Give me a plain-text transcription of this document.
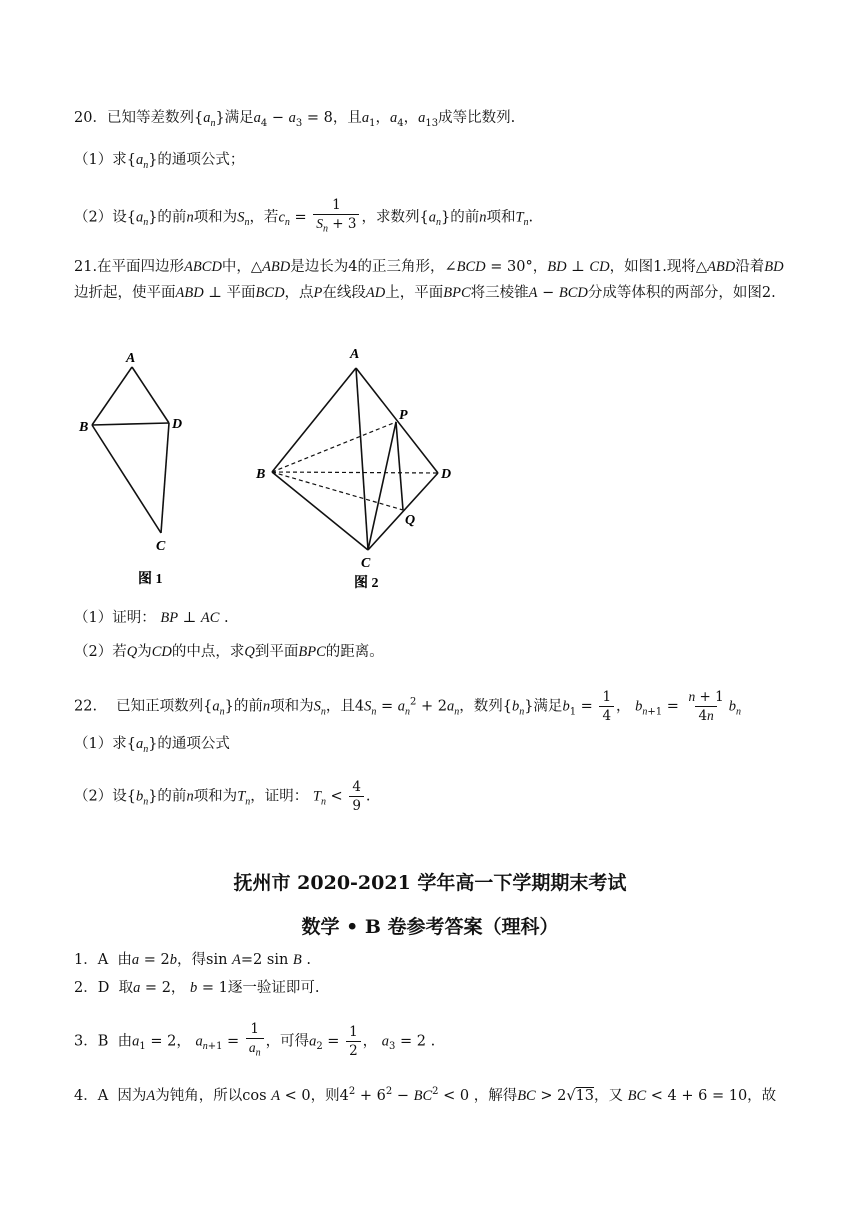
20．已知等差数列$\{a_n\}$满足$a_4 - a_3 = 8$，且$a_1$，$a_4$，$a_{13}$成等比数列.
（1）求$\{a_n\}$的通项公式；
（2）设$\{a_n\}$的前n项和为$S_n$，若$c_n = \frac{1}{S_n + 3}$ ，求数列$\{a_n\}$的前n项和$T_n$.
21.在平面四边形ABCD中，△ABD是边长为4的正三角形，∠BCD = 30°，BD ⊥ CD，如图1.现将△ABD沿着BD边折起，使平面ABD ⊥ 平面BCD，点P在线段AD上，平面BPC将三棱锥A − BCD分成等体积的两部分，如图2.
A
B	D
C
图 1
A
P
B	D
Q
C
图 2
（1）证明： BP ⊥ AC .
（2）若Q为CD的中点，求Q到平面BPC的距离。
22.　 已知正项数列$\{a_n\}$的前n项和为$S_n$，且$4S_n = a_n^2 + 2a_n$，数列$\{b_n\}$满足$b_1 = \frac{1}{4}$ ， $b_{n+1} = \frac{n + 1}{4n} b_n$
（1）求$\{a_n\}$的通项公式
（2）设$\{b_n\}$的前n项和为$T_n$，证明： $T_n < \frac{4}{9}$ .
抚州市 2020-2021 学年高一下学期期末考试
数学 • B 卷参考答案（理科）
1．A  由a = 2b，得sin A=2 sin B .
2．D  取a = 2， b = 1逐一验证即可.
3．B  由$a_1 = 2$， $a_{n+1} = \frac{1}{a_n}$ ，可得$a_2 = \frac{1}{2}$ ， $a_3 = 2$ .
4．A  因为A为钝角，所以cos A < 0，则$4^2 + 6^2 - BC^2 < 0$ ，解得BC > 2√13，又 BC < 4 + 6 = 10，故
